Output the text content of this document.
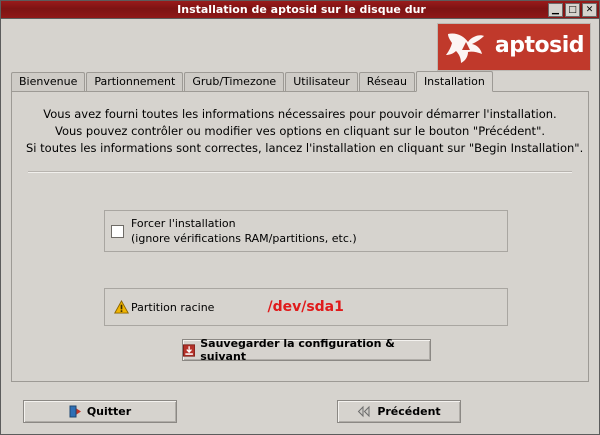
Installation de aptosid sur le disque dur	▁	□ ✕
aptosid
Bienvenue	Partionnement	Grub/Timezone	Utilisateur	Réseau	Installation
Vous avez fourni toutes les informations nécessaires pour pouvoir démarrer l'installation.
Vous pouvez contrôler ou modifier ves options en cliquant sur le bouton "Précédent".
Si toutes les informations sont correctes, lancez l'installation en cliquant sur "Begin Installation".
Forcer l'installation
(ignore vérifications RAM/partitions, etc.)
Partition racine	/dev/sda1
Sauvegarder la configuration & suivant
Quitter	Précédent
